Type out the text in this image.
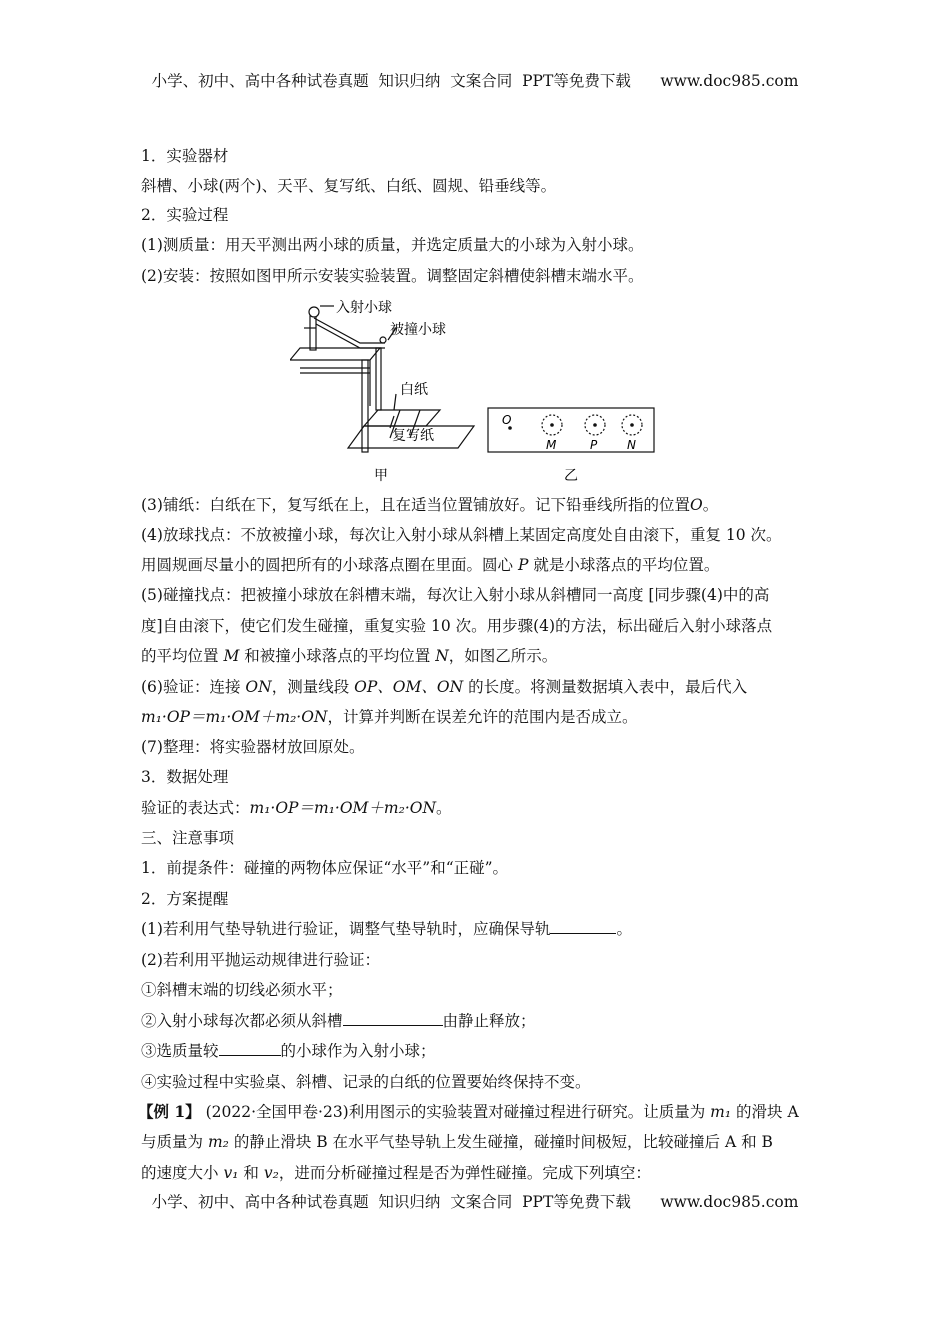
小学、初中、高中各种试卷真题  知识归纳  文案合同  PPT等免费下载      www.doc985.com
1．实验器材
斜槽、小球(两个)、天平、复写纸、白纸、圆规、铅垂线等。
2．实验过程
(1)测质量：用天平测出两小球的质量，并选定质量大的小球为入射小球。
(2)安装：按照如图甲所示安装实验装置。调整固定斜槽使斜槽末端水平。
入射小球
被撞小球
白纸
复写纸
甲	乙
O
M	P N
(3)铺纸：白纸在下，复写纸在上，且在适当位置铺放好。记下铅垂线所指的位置O。
(4)放球找点：不放被撞小球，每次让入射小球从斜槽上某固定高度处自由滚下，重复 10 次。
用圆规画尽量小的圆把所有的小球落点圈在里面。圆心 P 就是小球落点的平均位置。
(5)碰撞找点：把被撞小球放在斜槽末端，每次让入射小球从斜槽同一高度 [同步骤(4)中的高
度]自由滚下，使它们发生碰撞，重复实验 10 次。用步骤(4)的方法，标出碰后入射小球落点
的平均位置 M 和被撞小球落点的平均位置 N，如图乙所示。
(6)验证：连接 ON，测量线段 OP、OM、ON 的长度。将测量数据填入表中，最后代入
m₁·OP＝m₁·OM＋m₂·ON，计算并判断在误差允许的范围内是否成立。
(7)整理：将实验器材放回原处。
3．数据处理
验证的表达式：m₁·OP＝m₁·OM＋m₂·ON。
三、注意事项
1．前提条件：碰撞的两物体应保证“水平”和“正碰”。
2．方案提醒
(1)若利用气垫导轨进行验证，调整气垫导轨时，应确保导轨	。
(2)若利用平抛运动规律进行验证：
①斜槽末端的切线必须水平；
②入射小球每次都必须从斜槽	由静止释放；
③选质量较	的小球作为入射小球；
④实验过程中实验桌、斜槽、记录的白纸的位置要始终保持不变。
【例 1】 (2022·全国甲卷·23)利用图示的实验装置对碰撞过程进行研究。让质量为 m₁ 的滑块 A
与质量为 m₂ 的静止滑块 B 在水平气垫导轨上发生碰撞，碰撞时间极短，比较碰撞后 A 和 B
的速度大小 v₁ 和 v₂，进而分析碰撞过程是否为弹性碰撞。完成下列填空：
小学、初中、高中各种试卷真题  知识归纳  文案合同  PPT等免费下载      www.doc985.com
